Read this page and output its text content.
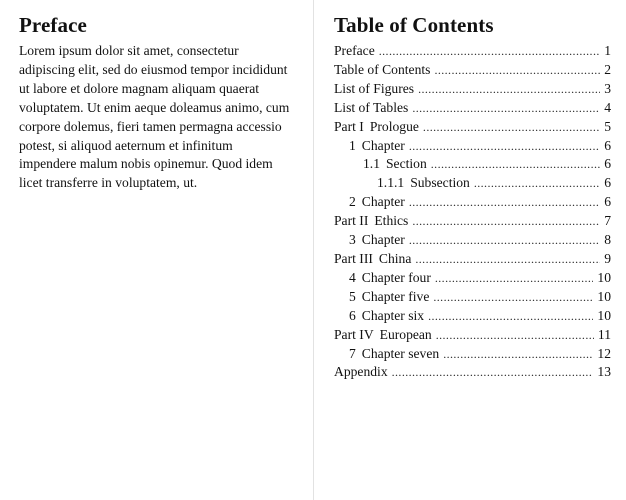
Preface

Lorem ipsum dolor sit amet, consectetur adipiscing elit, sed do eiusmod tempor incididunt ut labore et dolore magnam aliquam quaerat voluptatem. Ut enim aeque doleamus animo, cum corpore dolemus, fieri tamen permagna accessio potest, si aliquod aeternum et infinitum impendere malum nobis opinemur. Quod idem licet transferre in voluptatem, ut.

Table of Contents
Preface . . .	1
Table of Contents . . .	2
List of Figures . . .	3
List of Tables . . .	4
Part I Prologue . . .	5
1 Chapter . . .	6
1.1 Section . . .	6
1.1.1 Subsection . . .	6
2 Chapter . . .	6
Part II Ethics . . .	7
3 Chapter . . .	8
Part III China . . .	9
4 Chapter four . . .	10
5 Chapter five . . .	10
6 Chapter six . . .	10
Part IV European . . .	11
7 Chapter seven . . .	12
Appendix . . .	13
